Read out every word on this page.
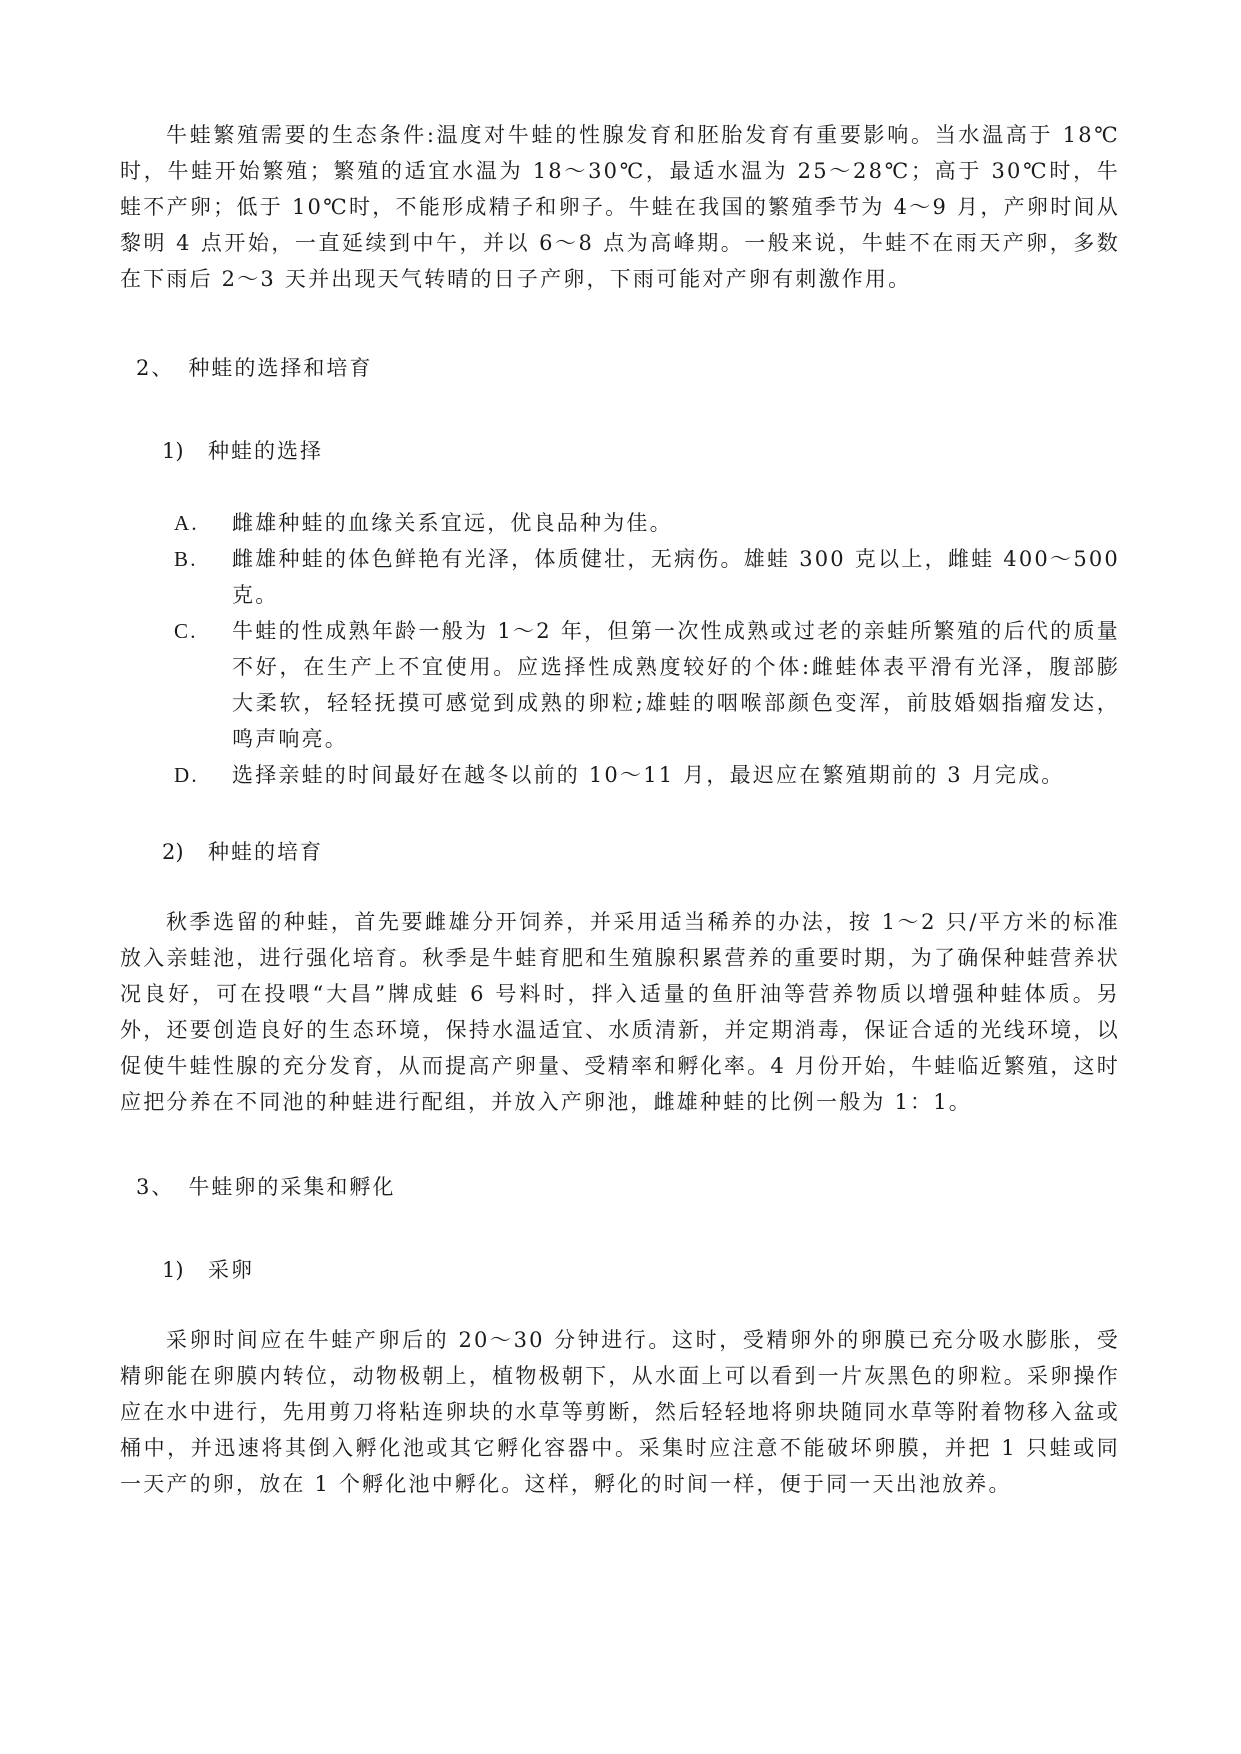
牛蛙繁殖需要的生态条件:温度对牛蛙的性腺发育和胚胎发育有重要影响。当水温高于 18℃时，牛蛙开始繁殖；繁殖的适宜水温为 18～30℃，最适水温为 25～28℃；高于 30℃时，牛蛙不产卵；低于 10℃时，不能形成精子和卵子。牛蛙在我国的繁殖季节为 4～9 月，产卵时间从黎明 4 点开始，一直延续到中午，并以 6～8 点为高峰期。一般来说，牛蛙不在雨天产卵，多数在下雨后 2～3 天并出现天气转晴的日子产卵，下雨可能对产卵有刺激作用。

2、 种蛙的选择和培育
1) 种蛙的选择
A.	雌雄种蛙的血缘关系宜远，优良品种为佳。
B.	雌雄种蛙的体色鲜艳有光泽，体质健壮，无病伤。雄蛙 300 克以上，雌蛙 400～500 克。
C.	牛蛙的性成熟年龄一般为 1～2 年，但第一次性成熟或过老的亲蛙所繁殖的后代的质量不好，在生产上不宜使用。应选择性成熟度较好的个体:雌蛙体表平滑有光泽，腹部膨大柔软，轻轻抚摸可感觉到成熟的卵粒;雄蛙的咽喉部颜色变浑，前肢婚姻指瘤发达，鸣声响亮。
D.	选择亲蛙的时间最好在越冬以前的 10～11 月，最迟应在繁殖期前的 3 月完成。
2) 种蛙的培育

秋季选留的种蛙，首先要雌雄分开饲养，并采用适当稀养的办法，按 1～2 只/平方米的标准放入亲蛙池，进行强化培育。秋季是牛蛙育肥和生殖腺积累营养的重要时期，为了确保种蛙营养状况良好，可在投喂“大昌”牌成蛙 6 号料时，拌入适量的鱼肝油等营养物质以增强种蛙体质。另外，还要创造良好的生态环境，保持水温适宜、水质清新，并定期消毒，保证合适的光线环境，以促使牛蛙性腺的充分发育，从而提高产卵量、受精率和孵化率。4 月份开始，牛蛙临近繁殖，这时应把分养在不同池的种蛙进行配组，并放入产卵池，雌雄种蛙的比例一般为 1：1。

3、 牛蛙卵的采集和孵化
1) 采卵

采卵时间应在牛蛙产卵后的 20～30 分钟进行。这时，受精卵外的卵膜已充分吸水膨胀，受精卵能在卵膜内转位，动物极朝上，植物极朝下，从水面上可以看到一片灰黑色的卵粒。采卵操作应在水中进行，先用剪刀将粘连卵块的水草等剪断，然后轻轻地将卵块随同水草等附着物移入盆或桶中，并迅速将其倒入孵化池或其它孵化容器中。采集时应注意不能破坏卵膜，并把 1 只蛙或同一天产的卵，放在 1 个孵化池中孵化。这样，孵化的时间一样，便于同一天出池放养。
